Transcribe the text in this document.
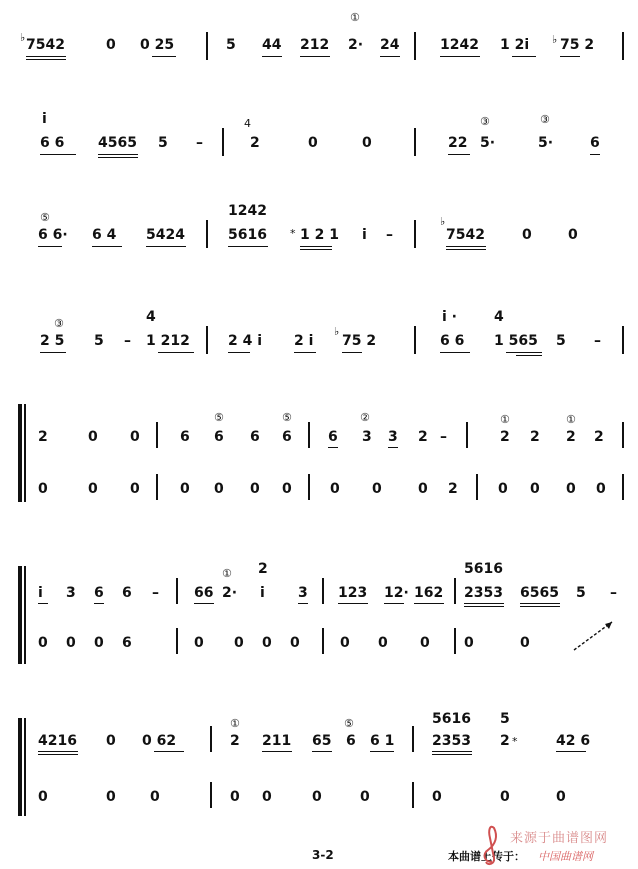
♭ 7542	0 0 25	5 44 212
①
2· 24	1242 1 2i ♭ 75 2
i
6 6 4565 5 –
4
2	0	0	22
③
5·
③
5·	6
⑤
6 6· 6 4 5424
1242
5616 * 1 2 1 i –
♭
7542	0	0
③
2 5 5 –
4
1 212	2 4 i 2 i
♭
75 2
i ·
6 6
4
1 565 5 –
2	0 0	6
⑤
6 6
⑤
6	6
②
3 3 2 –
①
2 2
①
2 2
0	0 0	0 0 0 0	0 0	0 2	0 0 0 0
i 3 6 6 –	66
①
2·
2
i 3 123 12· 162
5616
2353 6565 5 –
0 0 0 6	0 0 0 0	0 0 0 0	0
4216 0 0 62
①
2 211 65
⑤
6 6 1
5616
2353
5
2 *	42 6
0	0 0	0 0	0	0	0	0	0
3-2	本曲谱上传于：
来源于曲谱图网
中国曲谱网
